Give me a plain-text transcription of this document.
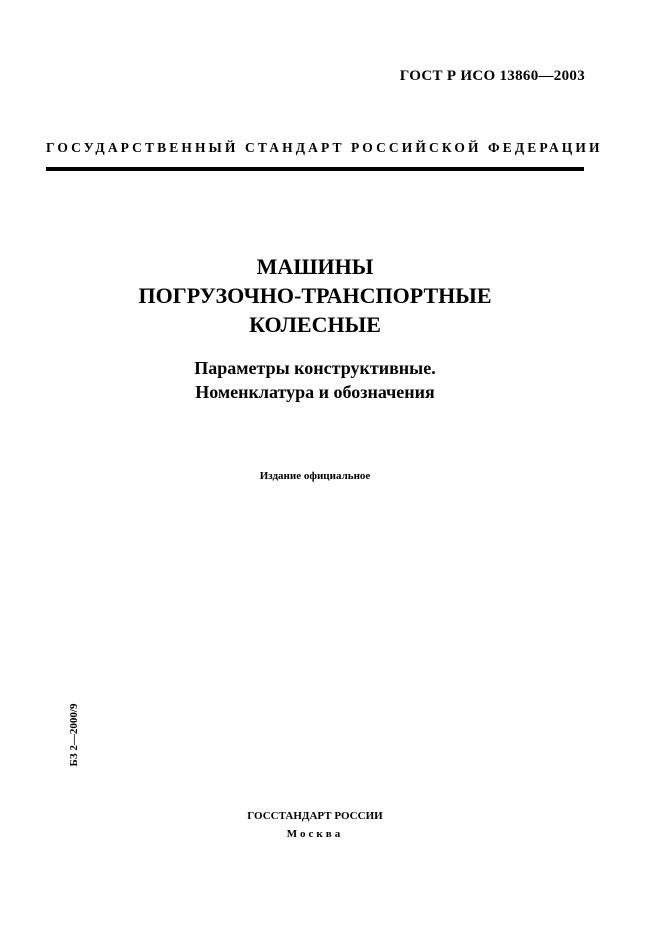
ГОСТ Р ИСО 13860—2003
ГОСУДАРСТВЕННЫЙ СТАНДАРТ РОССИЙСКОЙ ФЕДЕРАЦИИ
МАШИНЫ
ПОГРУЗОЧНО-ТРАНСПОРТНЫЕ
КОЛЕСНЫЕ
Параметры конструктивные.
Номенклатура и обозначения
Издание официальное
БЗ 2—2000/9
ГОССТАНДАРТ РОССИИ
Москва
